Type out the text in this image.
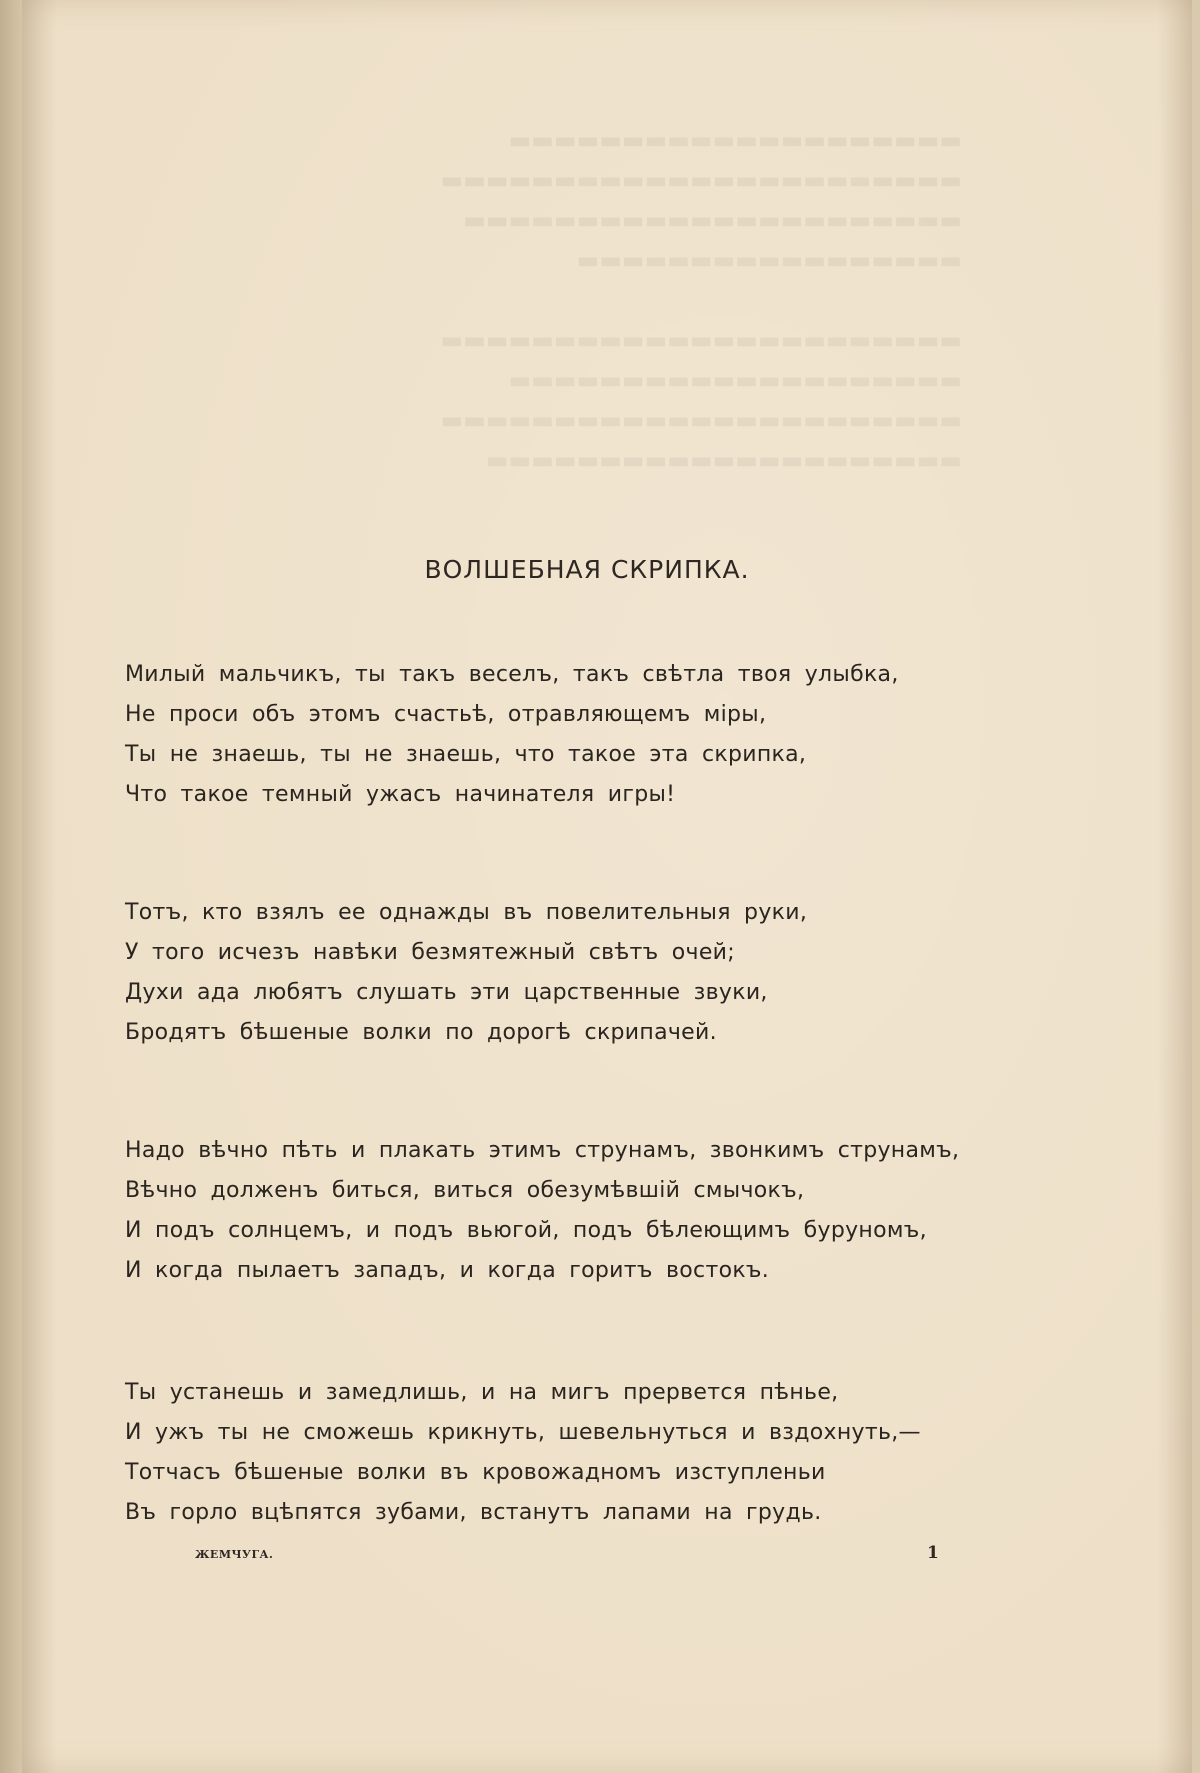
▬▬▬▬▬▬▬▬▬▬▬▬▬▬▬▬▬▬▬▬
▬▬▬▬▬▬▬▬▬▬▬▬▬▬▬▬▬▬▬▬▬▬▬
▬▬▬▬▬▬▬▬▬▬▬▬▬▬▬▬▬▬▬▬▬▬
▬▬▬▬▬▬▬▬▬▬▬▬▬▬▬▬▬

▬▬▬▬▬▬▬▬▬▬▬▬▬▬▬▬▬▬▬▬▬▬▬
▬▬▬▬▬▬▬▬▬▬▬▬▬▬▬▬▬▬▬▬
▬▬▬▬▬▬▬▬▬▬▬▬▬▬▬▬▬▬▬▬▬▬▬
▬▬▬▬▬▬▬▬▬▬▬▬▬▬▬▬▬▬▬▬▬
ВОЛШЕБНАЯ СКРИПКА.
Милый мальчикъ, ты такъ веселъ, такъ свѣтла твоя улыбка,
Не проси объ этомъ счастьѣ, отравляющемъ міры,
Ты не знаешь, ты не знаешь, что такое эта скрипка,
Что такое темный ужасъ начинателя игры!
Тотъ, кто взялъ ее однажды въ повелительныя руки,
У того исчезъ навѣки безмятежный свѣтъ очей;
Духи ада любятъ слушать эти царственные звуки,
Бродятъ бѣшеные волки по дорогѣ скрипачей.
Надо вѣчно пѣть и плакать этимъ струнамъ, звонкимъ струнамъ,
Вѣчно долженъ биться, виться обезумѣвшій смычокъ,
И подъ солнцемъ, и подъ вьюгой, подъ бѣлеющимъ буруномъ,
И когда пылаетъ западъ, и когда горитъ востокъ.
Ты устанешь и замедлишь, и на мигъ прервется пѣнье,
И ужъ ты не сможешь крикнуть, шевельнуться и вздохнуть,—
Тотчасъ бѣшеные волки въ кровожадномъ изступленьи
Въ горло вцѣпятся зубами, встанутъ лапами на грудь.
ЖЕМЧУГА.	1
